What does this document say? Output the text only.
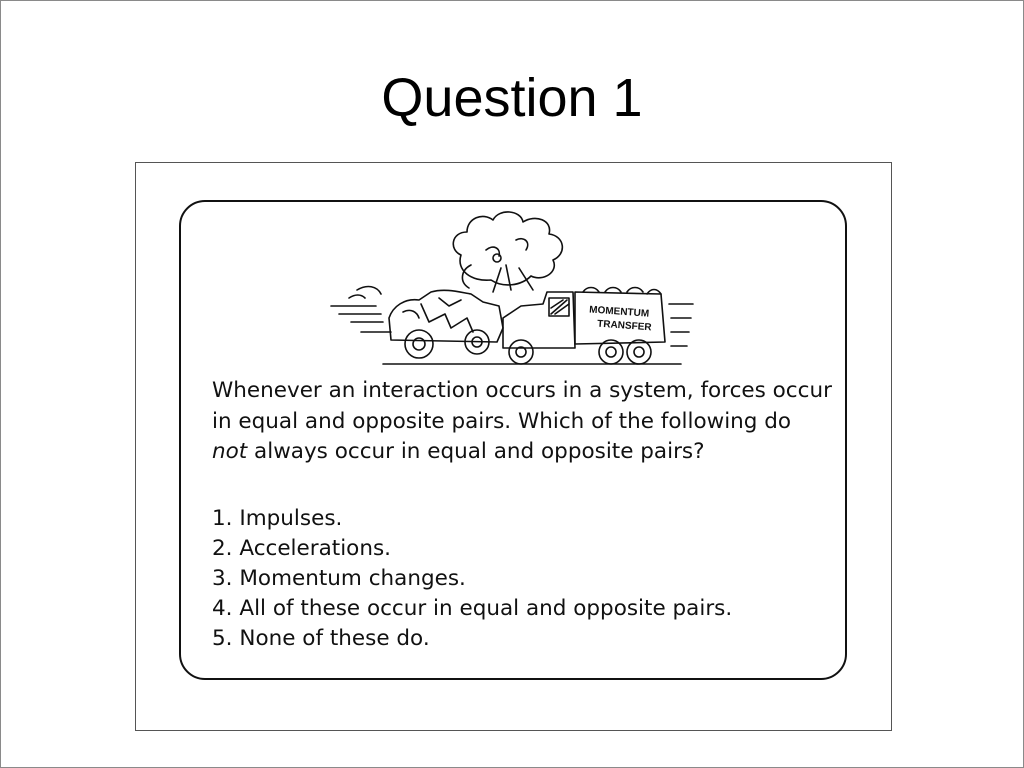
Question 1
MOMENTUM
TRANSFER

Whenever an interaction occurs in a system, forces occur in equal and opposite pairs. Which of the following do not always occur in equal and opposite pairs?

1. Impulses.
2. Accelerations.
3. Momentum changes.
4. All of these occur in equal and opposite pairs.
5. None of these do.
